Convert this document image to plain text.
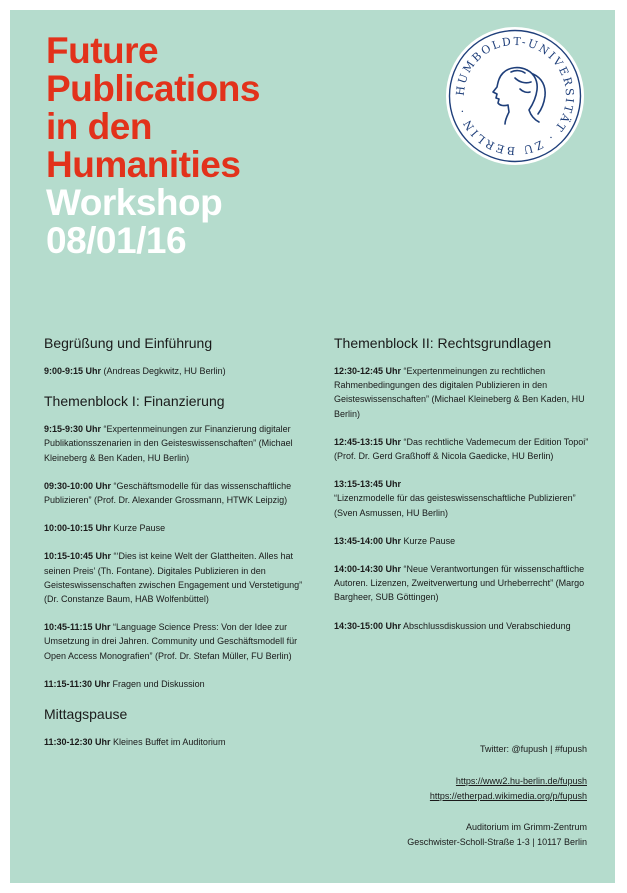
Future
Publications
in den
Humanities
Workshop
08/01/16
HUMBOLDT-UNIVERSITÄT · ZU BERLIN ·
Begrüßung und Einführung
9:00-9:15 Uhr (Andreas Degkwitz, HU Berlin)
Themenblock I: Finanzierung
9:15-9:30 Uhr “Expertenmeinungen zur Finanzierung digitaler Publikationsszenarien in den Geisteswissenschaften” (Michael Kleineberg & Ben Kaden, HU Berlin)
09:30-10:00 Uhr “Geschäftsmodelle für das wissenschaftliche Publizieren” (Prof. Dr. Alexander Grossmann, HTWK Leipzig)
10:00-10:15 Uhr Kurze Pause
10:15-10:45 Uhr “‘Dies ist keine Welt der Glattheiten. Alles hat seinen Preis’ (Th. Fontane). Digitales Publizieren in den Geisteswissenschaften zwischen Engagement und Verstetigung” (Dr. Constanze Baum, HAB Wolfenbüttel)
10:45-11:15 Uhr “Language Science Press: Von der Idee zur Umsetzung in drei Jahren. Community und Geschäftsmodell für Open Access Monografien” (Prof. Dr. Stefan Müller, FU Berlin)
11:15-11:30 Uhr Fragen und Diskussion
Mittagspause
11:30-12:30 Uhr Kleines Buffet im Auditorium
Themenblock II: Rechtsgrundlagen
12:30-12:45 Uhr “Expertenmeinungen zu rechtlichen Rahmenbedingungen des digitalen Publizieren in den Geisteswissenschaften” (Michael Kleineberg & Ben Kaden, HU Berlin)
12:45-13:15 Uhr “Das rechtliche Vademecum der Edition Topoi” (Prof. Dr. Gerd Graßhoff & Nicola Gaedicke, HU Berlin)
13:15-13:45 Uhr
“Lizenzmodelle für das geisteswissenschaftliche Publizieren” (Sven Asmussen, HU Berlin)
13:45-14:00 Uhr Kurze Pause
14:00-14:30 Uhr “Neue Verantwortungen für wissenschaftliche Autoren. Lizenzen, Zweitverwertung und Urheberrecht” (Margo Bargheer, SUB Göttingen)
14:30-15:00 Uhr Abschlussdiskussion und Verabschiedung
Twitter: @fupush | #fupush
https://www2.hu-berlin.de/fupush
https://etherpad.wikimedia.org/p/fupush
Auditorium im Grimm-Zentrum
Geschwister-Scholl-Straße 1-3 | 10117 Berlin
